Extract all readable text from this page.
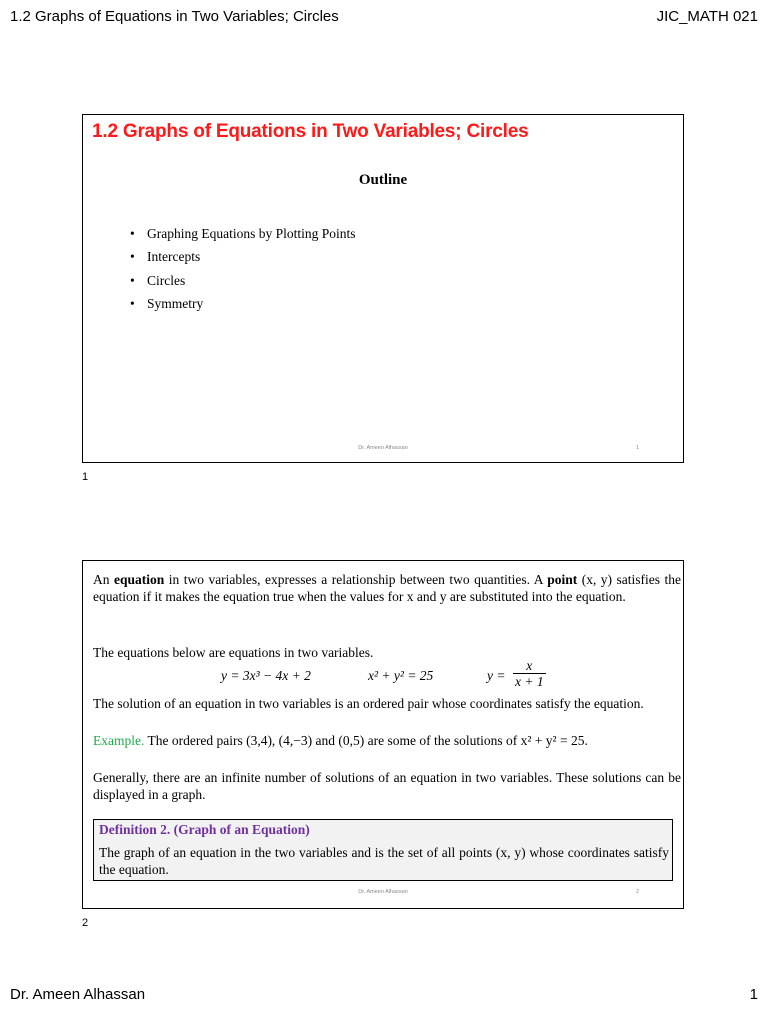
1.2 Graphs of Equations in Two Variables; Circles	JIC_MATH 021
1.2 Graphs of Equations in Two Variables; Circles
Outline
• Graphing Equations by Plotting Points
• Intercepts
• Circles
• Symmetry
Dr. Ameen Alhassan	1
1
An equation in two variables, expresses a relationship between two quantities. A point (x, y) satisfies the equation if it makes the equation true when the values for x and y are substituted into the equation.
The equations below are equations in two variables.
y = 3x³ − 4x + 2	x² + y² = 25	$y = \frac{x}{x + 1}$
The solution of an equation in two variables is an ordered pair whose coordinates satisfy the equation.
Example. The ordered pairs (3,4), (4,−3) and (0,5) are some of the solutions of x² + y² = 25.
Generally, there are an infinite number of solutions of an equation in two variables. These solutions can be displayed in a graph.
Definition 2. (Graph of an Equation)
The graph of an equation in the two variables and is the set of all points (x, y) whose coordinates satisfy the equation.
Dr. Ameen Alhassan	2
2
Dr. Ameen Alhassan	1
